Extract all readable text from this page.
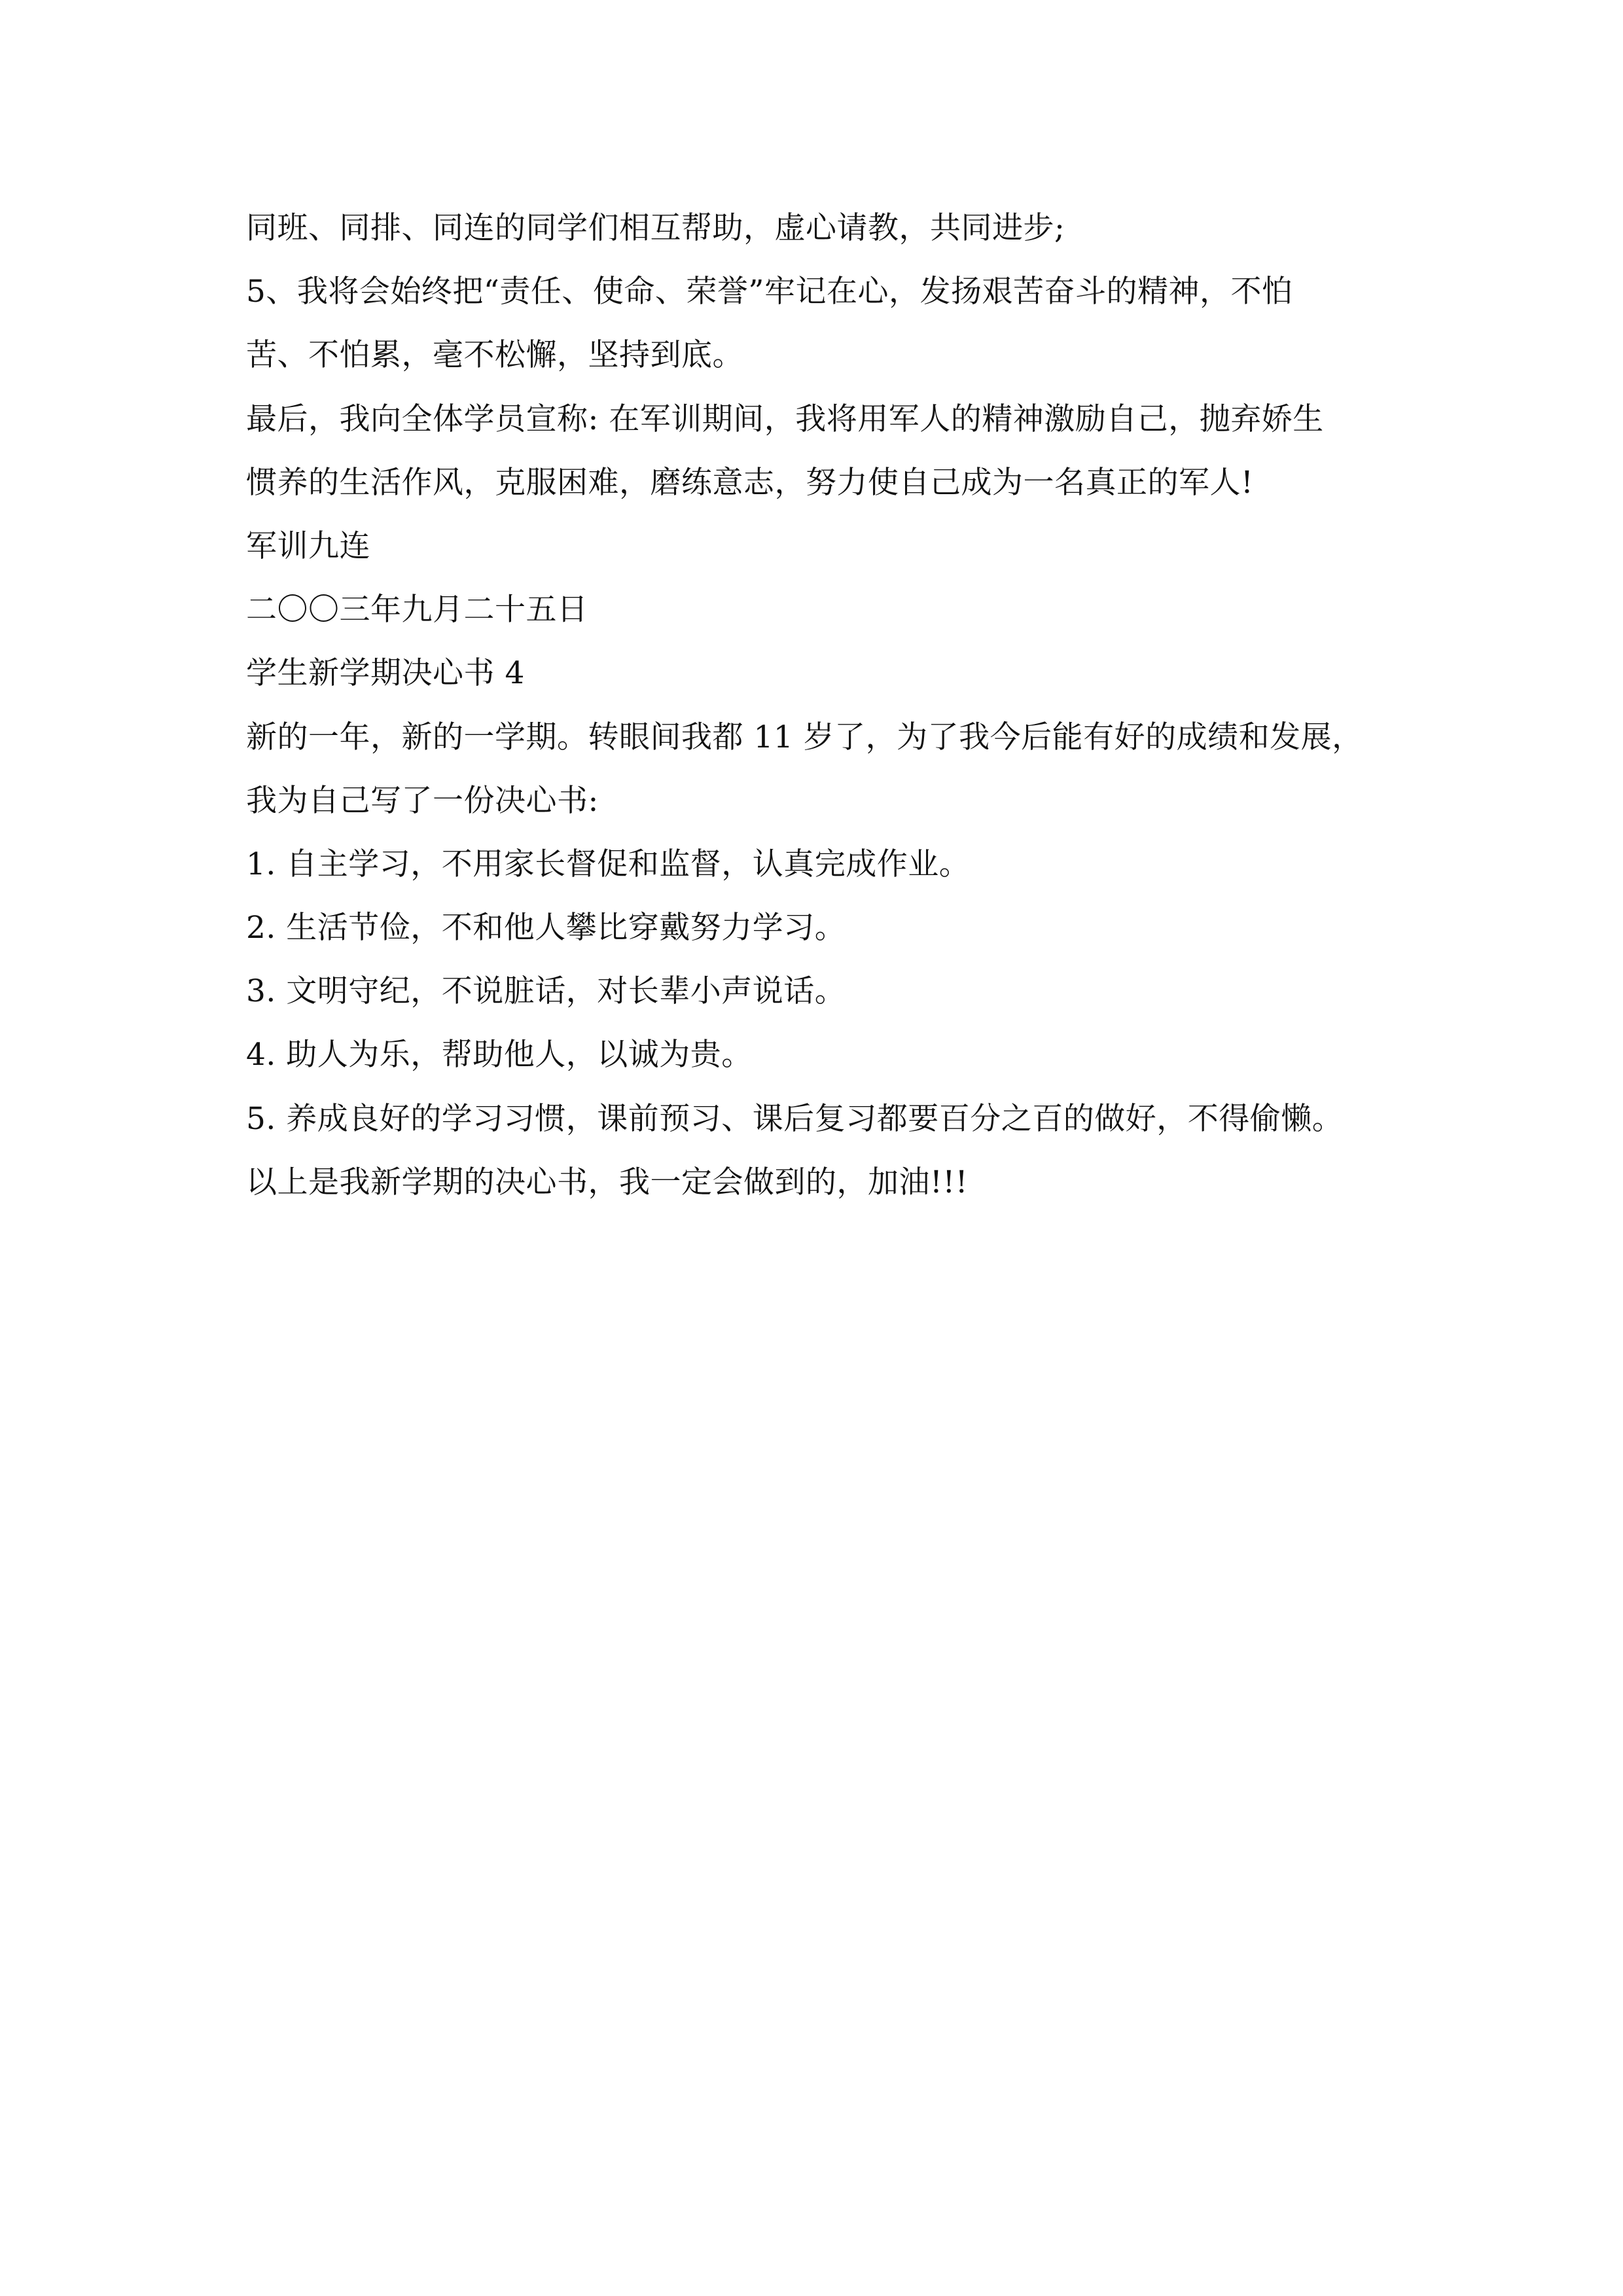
同班、同排、同连的同学们相互帮助，虚心请教，共同进步;
5、我将会始终把“责任、使命、荣誉”牢记在心，发扬艰苦奋斗的精神，不怕
苦、不怕累，毫不松懈，坚持到底。
最后，我向全体学员宣称: 在军训期间，我将用军人的精神激励自己，抛弃娇生
惯养的生活作风，克服困难，磨练意志，努力使自己成为一名真正的军人!
军训九连
二〇〇三年九月二十五日
学生新学期决心书 4
新的一年，新的一学期。转眼间我都 11 岁了，为了我今后能有好的成绩和发展，
我为自己写了一份决心书:
1. 自主学习，不用家长督促和监督，认真完成作业。
2. 生活节俭，不和他人攀比穿戴努力学习。
3. 文明守纪，不说脏话，对长辈小声说话。
4. 助人为乐，帮助他人，以诚为贵。
5. 养成良好的学习习惯，课前预习、课后复习都要百分之百的做好，不得偷懒。
以上是我新学期的决心书，我一定会做到的，加油!!!
